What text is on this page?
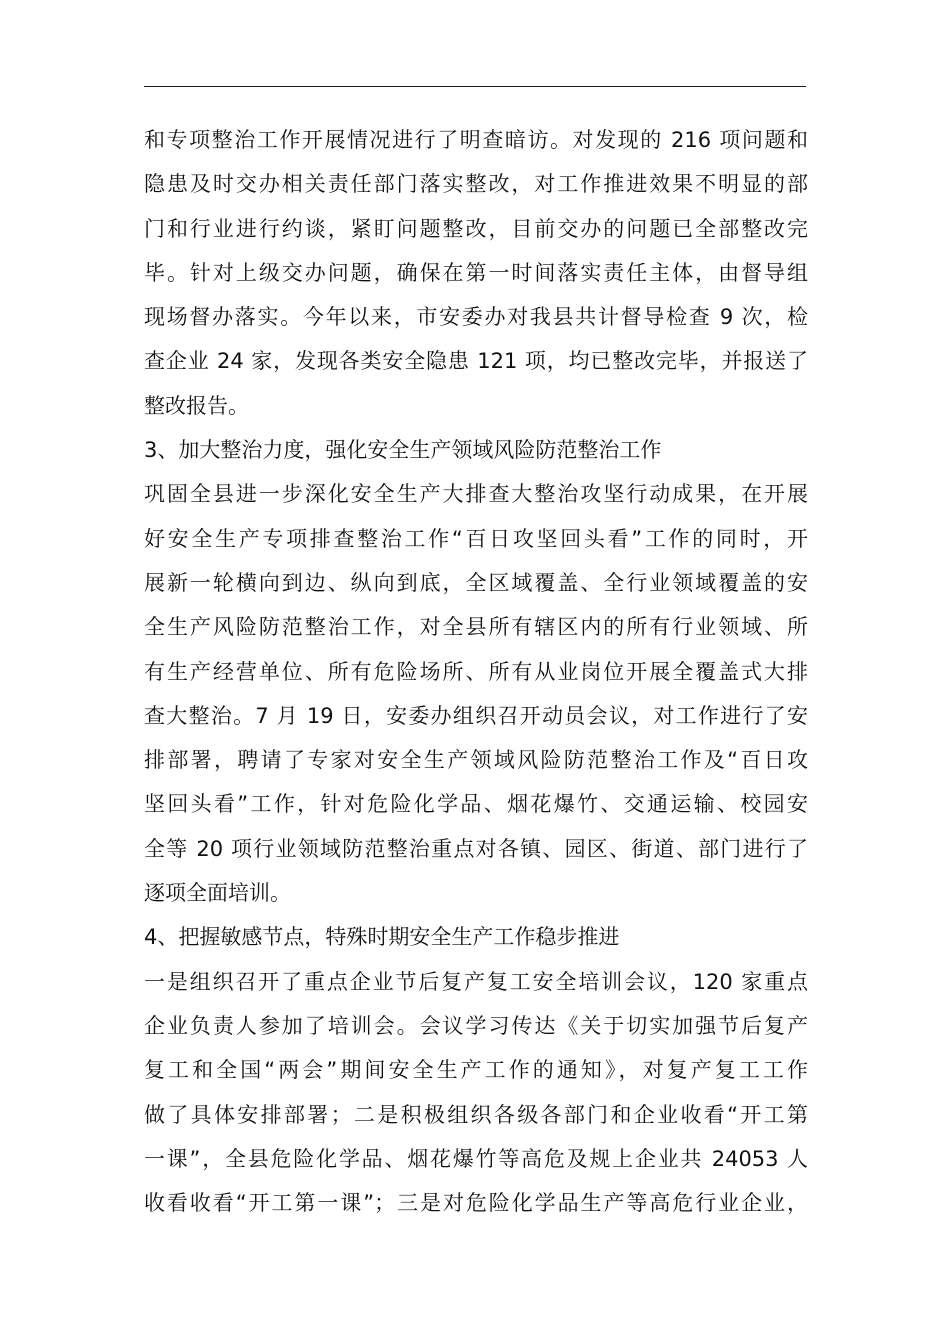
和专项整治工作开展情况进行了明查暗访。对发现的 216 项问题和
隐患及时交办相关责任部门落实整改，对工作推进效果不明显的部
门和行业进行约谈，紧盯问题整改，目前交办的问题已全部整改完
毕。针对上级交办问题，确保在第一时间落实责任主体，由督导组
现场督办落实。今年以来，市安委办对我县共计督导检查 9 次，检
查企业 24 家，发现各类安全隐患 121 项，均已整改完毕，并报送了
整改报告。
3、加大整治力度，强化安全生产领域风险防范整治工作
巩固全县进一步深化安全生产大排查大整治攻坚行动成果，在开展
好安全生产专项排查整治工作“百日攻坚回头看”工作的同时，开
展新一轮横向到边、纵向到底，全区域覆盖、全行业领域覆盖的安
全生产风险防范整治工作，对全县所有辖区内的所有行业领域、所
有生产经营单位、所有危险场所、所有从业岗位开展全覆盖式大排
查大整治。7 月 19 日，安委办组织召开动员会议，对工作进行了安
排部署，聘请了专家对安全生产领域风险防范整治工作及“百日攻
坚回头看”工作，针对危险化学品、烟花爆竹、交通运输、校园安
全等 20 项行业领域防范整治重点对各镇、园区、街道、部门进行了
逐项全面培训。
4、把握敏感节点，特殊时期安全生产工作稳步推进
一是组织召开了重点企业节后复产复工安全培训会议，120 家重点
企业负责人参加了培训会。会议学习传达《关于切实加强节后复产
复工和全国“两会”期间安全生产工作的通知》，对复产复工工作
做了具体安排部署；二是积极组织各级各部门和企业收看“开工第
一课”，全县危险化学品、烟花爆竹等高危及规上企业共 24053 人
收看收看“开工第一课”；三是对危险化学品生产等高危行业企业，
